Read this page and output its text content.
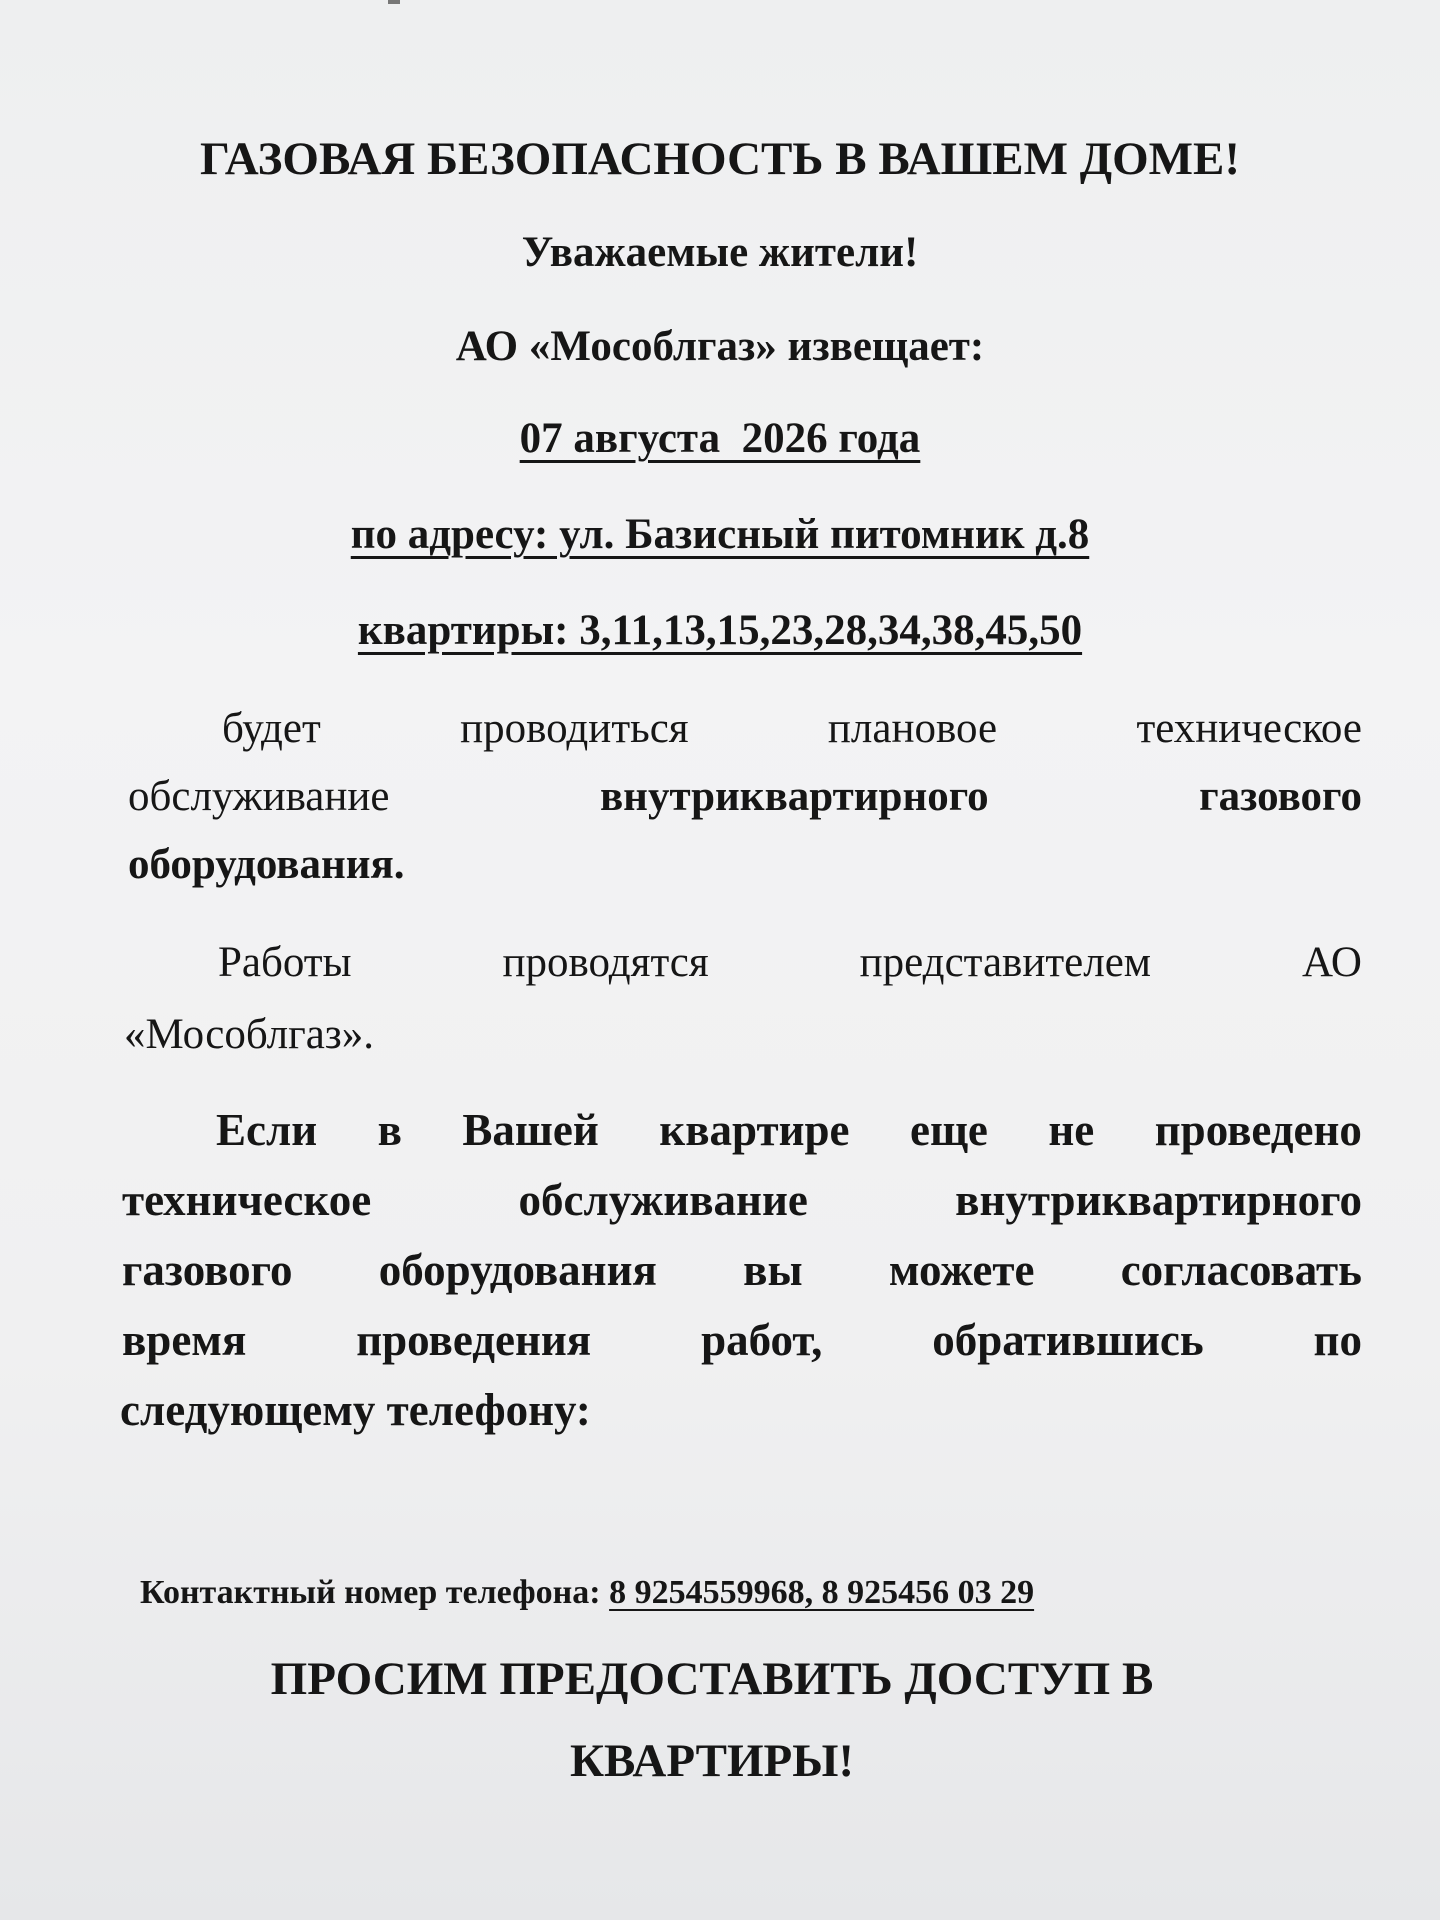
ГАЗОВАЯ БЕЗОПАСНОСТЬ В ВАШЕМ ДОМЕ!
Уважаемые жители!
АО «Мособлгаз» извещает:
07 августа  2026 года
по адресу: ул. Базисный питомник д.8
квартиры: 3,11,13,15,23,28,34,38,45,50
будет	проводиться	плановое	техническое
обслуживание	внутриквартирного	газового
оборудования.
Работы	проводятся	представителем	АО
«Мособлгаз».
Если в Вашей квартире еще не проведено
техническое	обслуживание	внутриквартирного
газового оборудования вы можете согласовать
время проведения работ, обратившись по
следующему телефону:
Контактный номер телефона: 8 9254559968, 8 925456 03 29
ПРОСИМ ПРЕДОСТАВИТЬ ДОСТУП В
КВАРТИРЫ!
